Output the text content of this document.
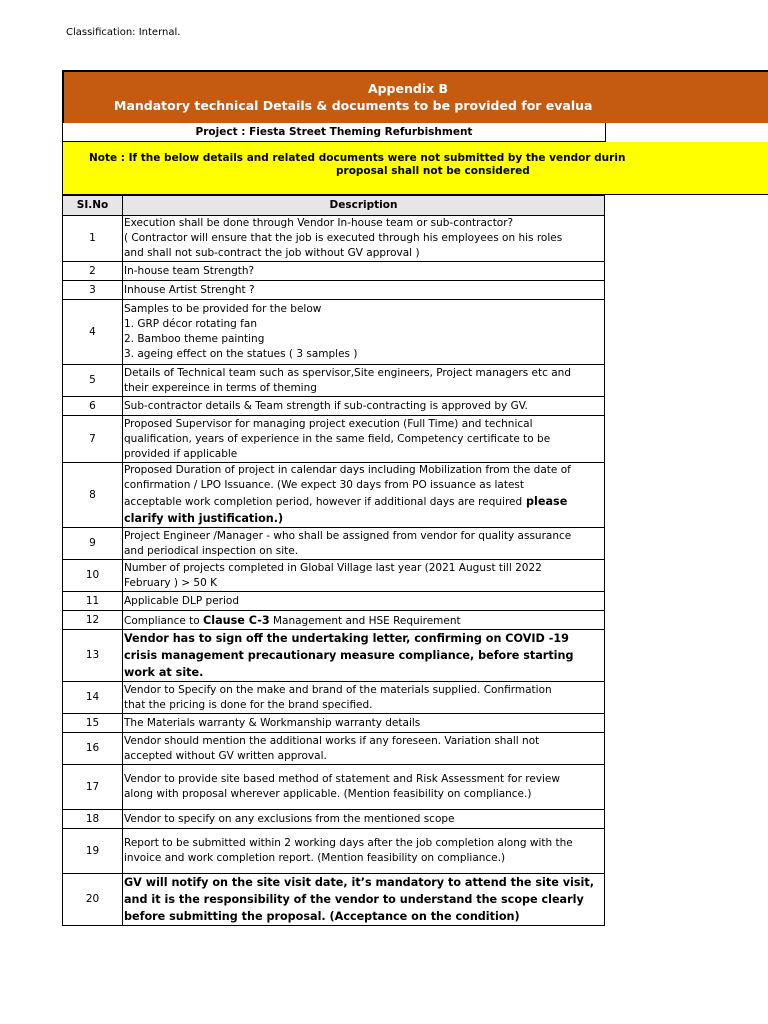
Classification: Internal.
Appendix B
Mandatory technical Details & documents to be provided for evalua
Project : Fiesta Street Theming Refurbishment
Note : If the below details and related documents were not submitted by the vendor durin
proposal shall not be considered
SI.No	Description
1	Execution shall be done through Vendor In-house team or sub-contractor?
( Contractor will ensure that the job is executed through his employees on his roles
and shall not sub-contract the job without GV approval )

2	In-house team Strength?

3	Inhouse Artist Strenght ?

4	Samples to be provided for the below
1. GRP décor rotating fan
2. Bamboo theme painting
3. ageing effect on the statues ( 3 samples )

5	Details of Technical team such as spervisor,Site engineers, Project managers etc and
their expereince in terms of theming

6	Sub-contractor details & Team strength if sub-contracting is approved by GV.

7	Proposed Supervisor for managing project execution (Full Time) and technical
qualification, years of experience in the same field, Competency certificate to be
provided if applicable

8	Proposed Duration of project in calendar days including Mobilization from the date of
confirmation / LPO Issuance. (We expect 30 days from PO issuance as latest
acceptable work completion period, however if additional days are required please
clarify with justification.)

9	Project Engineer /Manager - who shall be assigned from vendor for quality assurance
and periodical inspection on site.

10	Number of projects completed in Global Village last year (2021 August till 2022
February ) > 50 K

11	Applicable DLP period

12	Compliance to Clause C-3 Management and HSE Requirement

13	Vendor has to sign off the undertaking letter, confirming on COVID -19
crisis management precautionary measure compliance, before starting
work at site.

14	Vendor to Specify on the make and brand of the materials supplied. Confirmation
that the pricing is done for the brand specified.

15	The Materials warranty & Workmanship warranty details

16	Vendor should mention the additional works if any foreseen. Variation shall not
accepted without GV written approval.

17	Vendor to provide site based method of statement and Risk Assessment for review
along with proposal wherever applicable. (Mention feasibility on compliance.)

18	Vendor to specify on any exclusions from the mentioned scope

19	Report to be submitted within 2 working days after the job completion along with the
invoice and work completion report. (Mention feasibility on compliance.)

20	GV will notify on the site visit date, it’s mandatory to attend the site visit,
and it is the responsibility of the vendor to understand the scope clearly
before submitting the proposal. (Acceptance on the condition)
